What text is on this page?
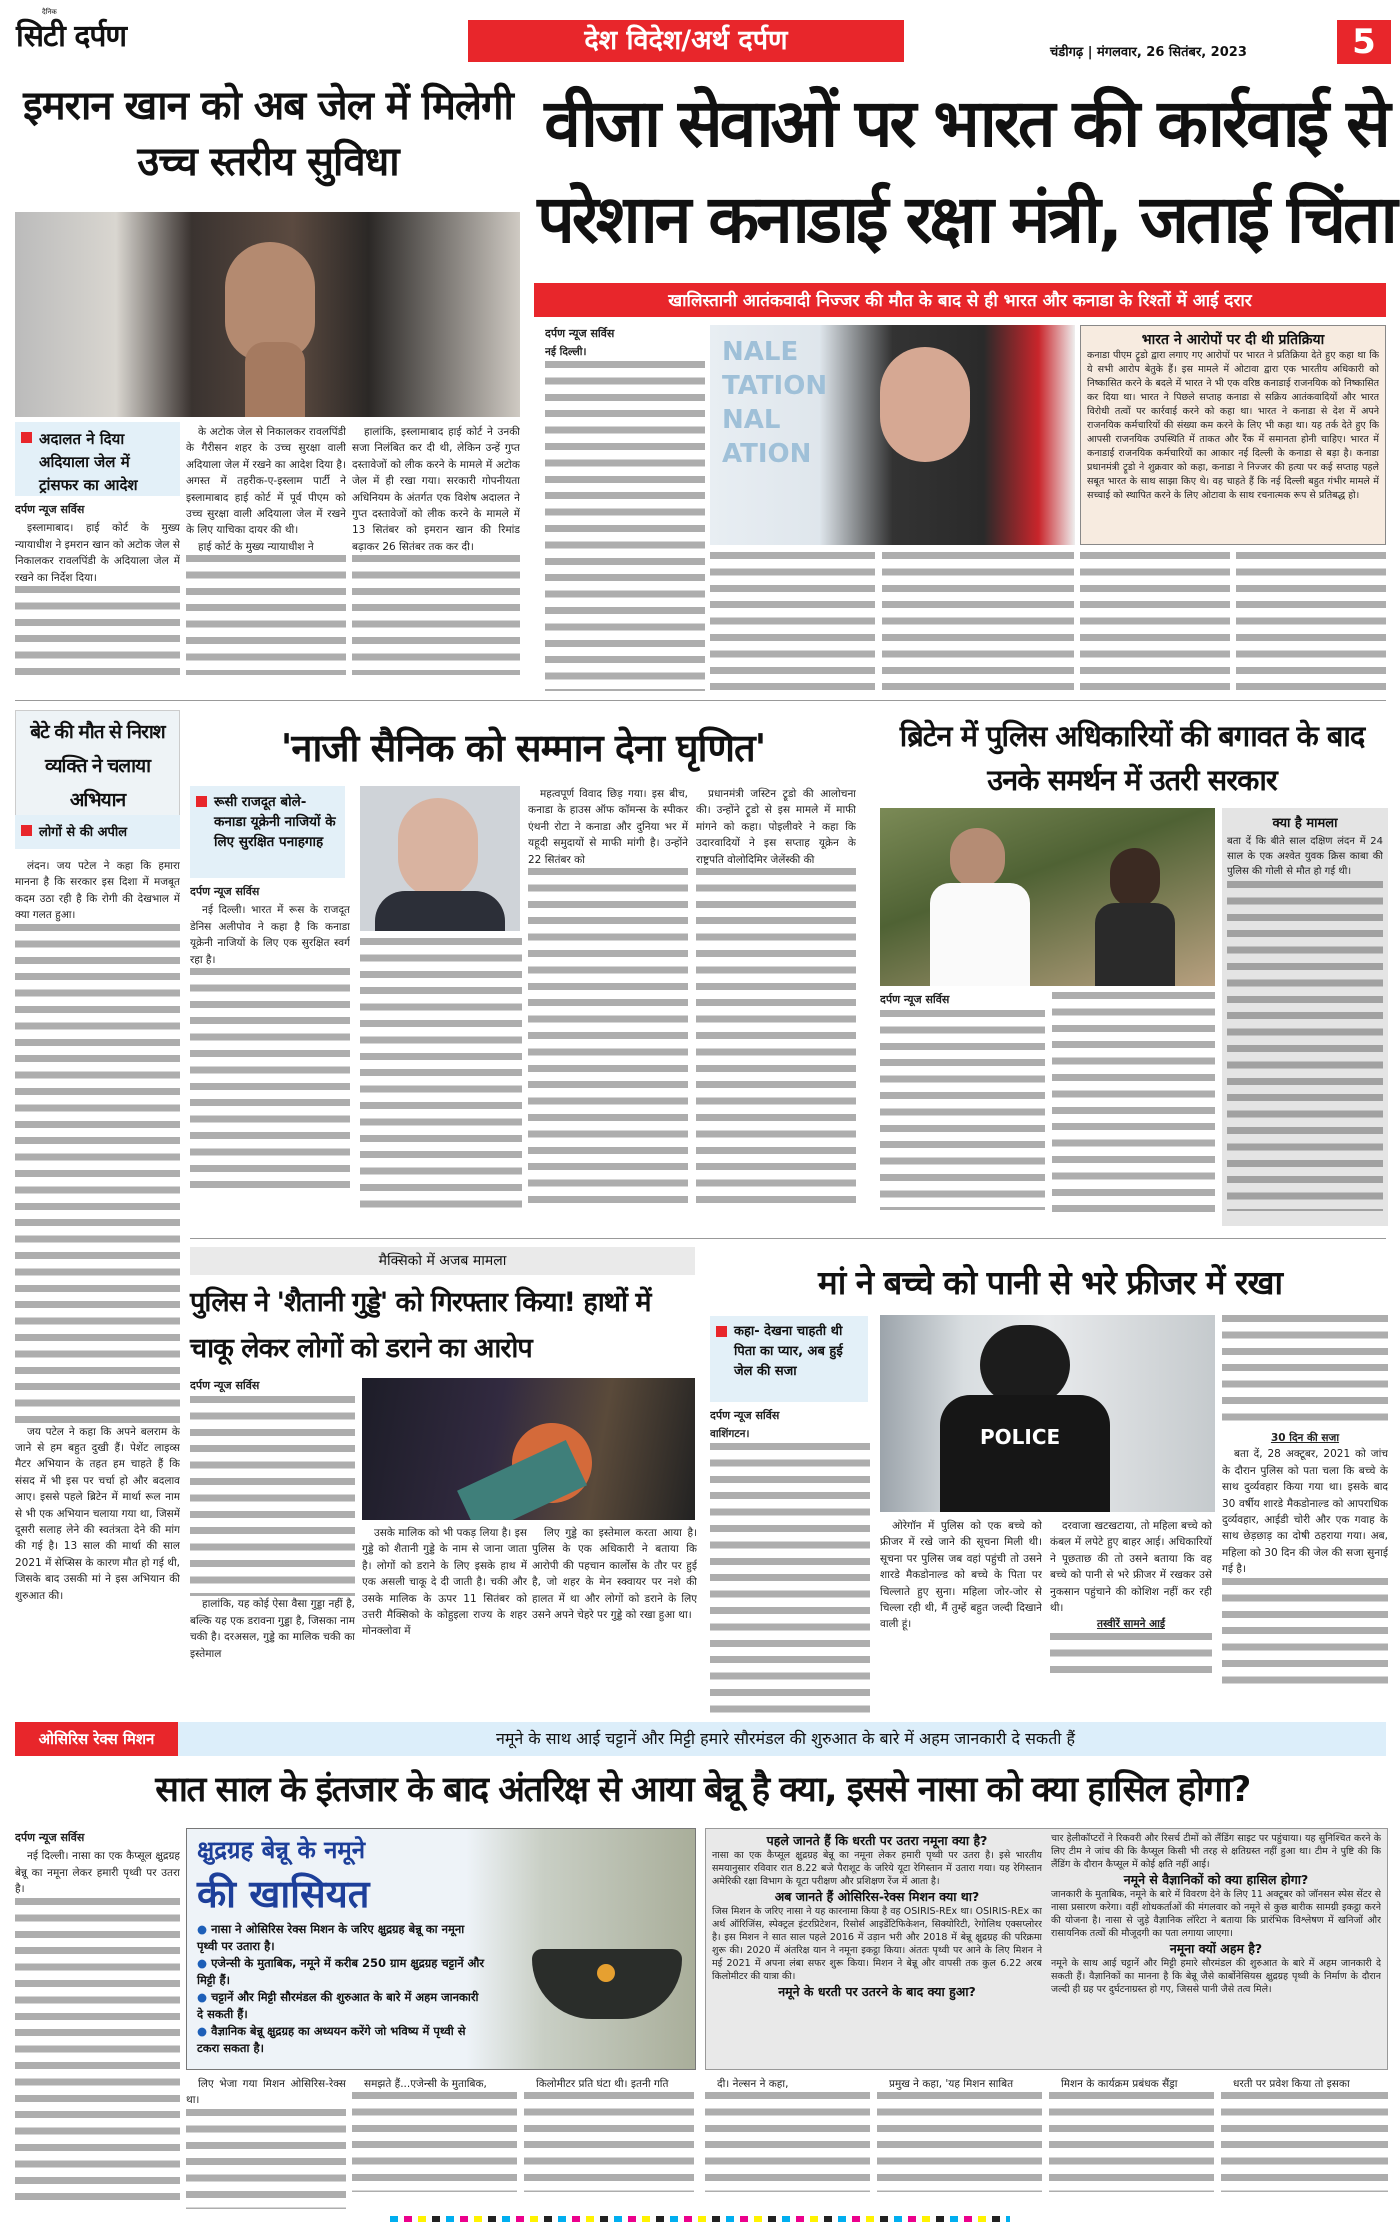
दैनिक
सिटी दर्पण	देश विदेश/अर्थ दर्पण	चंडीगढ़ | मंगलवार, 26 सितंबर, 2023	5
इमरान खान को अब जेल में मिलेगी उच्च स्तरीय सुविधा
अदालत ने दिया अदियाला जेल में ट्रांसफर का आदेश
दर्पण न्यूज सर्विस

इस्लामाबाद। हाई कोर्ट के मुख्य न्यायाधीश ने इमरान खान को अटोक जेल से निकालकर रावलपिंडी के अदियाला जेल में रखने का निर्देश दिया।

के अटोक जेल से निकालकर रावलपिंडी के गैरीसन शहर के उच्च सुरक्षा वाली अदियाला जेल में रखने का आदेश दिया है। अगस्त में तहरीक-ए-इस्लाम पार्टी ने इस्लामाबाद हाई कोर्ट में पूर्व पीएम को उच्च सुरक्षा वाली अदियाला जेल में रखने के लिए याचिका दायर की थी।

हाई कोर्ट के मुख्य न्यायाधीश ने

हालांकि, इस्लामाबाद हाई कोर्ट ने उनकी सजा निलंबित कर दी थी, लेकिन उन्हें गुप्त दस्तावेजों को लीक करने के मामले में अटोक जेल में ही रखा गया। सरकारी गोपनीयता अधिनियम के अंतर्गत एक विशेष अदालत ने गुप्त दस्तावेजों को लीक करने के मामले में 13 सितंबर को इमरान खान की रिमांड बढ़ाकर 26 सितंबर तक कर दी।

वीजा सेवाओं पर भारत की कार्रवाई से परेशान कनाडाई रक्षा मंत्री, जताई चिंता
खालिस्तानी आतंकवादी निज्जर की मौत के बाद से ही भारत और कनाडा के रिश्तों में आई दरार
दर्पण न्यूज सर्विस
नई दिल्ली।	NALE
TATION
NAL
ATION
भारत ने आरोपों पर दी थी प्रतिक्रिया
कनाडा पीएम ट्रूडो द्वारा लगाए गए आरोपों पर भारत ने प्रतिक्रिया देते हुए कहा था कि ये सभी आरोप बेतुके हैं। इस मामले में ओटावा द्वारा एक भारतीय अधिकारी को निष्कासित करने के बदले में भारत ने भी एक वरिष्ठ कनाडाई राजनयिक को निष्कासित कर दिया था। भारत ने पिछले सप्ताह कनाडा से सक्रिय आतंकवादियों और भारत विरोधी तत्वों पर कार्रवाई करने को कहा था। भारत ने कनाडा से देश में अपने राजनयिक कर्मचारियों की संख्या कम करने के लिए भी कहा था। यह तर्क देते हुए कि आपसी राजनयिक उपस्थिति में ताकत और रैंक में समानता होनी चाहिए। भारत में कनाडाई राजनयिक कर्मचारियों का आकार नई दिल्ली के कनाडा से बड़ा है। कनाडा प्रधानमंत्री ट्रूडो ने शुक्रवार को कहा, कनाडा ने निज्जर की हत्या पर कई सप्ताह पहले सबूत भारत के साथ साझा किए थे। वह चाहते हैं कि नई दिल्ली बहुत गंभीर मामले में सच्चाई को स्थापित करने के लिए ओटावा के साथ रचनात्मक रूप से प्रतिबद्ध हो।
बेटे की मौत से निराश व्यक्ति ने चलाया अभियान
लोगों से की अपील

लंदन। जय पटेल ने कहा कि हमारा मानना है कि सरकार इस दिशा में मजबूत कदम उठा रही है कि रोगी की देखभाल में क्या गलत हुआ।

जय पटेल ने कहा कि अपने बलराम के जाने से हम बहुत दुखी हैं। पेशेंट लाइव्स मैटर अभियान के तहत हम चाहते हैं कि संसद में भी इस पर चर्चा हो और बदलाव आए। इससे पहले ब्रिटेन में मार्था रूल नाम से भी एक अभियान चलाया गया था, जिसमें दूसरी सलाह लेने की स्वतंत्रता देने की मांग की गई है। 13 साल की मार्था की साल 2021 में सेप्सिस के कारण मौत हो गई थी, जिसके बाद उसकी मां ने इस अभियान की शुरुआत की।

'नाजी सैनिक को सम्मान देना घृणित'
रूसी राजदूत बोले- कनाडा यूक्रेनी नाजियों के लिए सुरक्षित पनाहगाह
दर्पण न्यूज सर्विस

नई दिल्ली। भारत में रूस के राजदूत डेनिस अलीपोव ने कहा है कि कनाडा यूक्रेनी नाजियों के लिए एक सुरक्षित स्वर्ग रहा है।

महत्वपूर्ण विवाद छिड़ गया। इस बीच, कनाडा के हाउस ऑफ कॉमन्स के स्पीकर एंथनी रोटा ने कनाडा और दुनिया भर में यहूदी समुदायों से माफी मांगी है। उन्होंने 22 सितंबर को

प्रधानमंत्री जस्टिन ट्रूडो की आलोचना की। उन्होंने ट्रूडो से इस मामले में माफी मांगने को कहा। पोइलीवरे ने कहा कि उदारवादियों ने इस सप्ताह यूक्रेन के राष्ट्रपति वोलोदिमिर जेलेंस्की की

ब्रिटेन में पुलिस अधिकारियों की बगावत के बाद उनके समर्थन में उतरी सरकार
दर्पण न्यूज सर्विस
क्या है मामला
बता दें कि बीते साल दक्षिण लंदन में 24 साल के एक अश्वेत युवक क्रिस काबा की पुलिस की गोली से मौत हो गई थी।
मैक्सिको में अजब मामला
पुलिस ने 'शैतानी गुड्डे' को गिरफ्तार किया! हाथों में चाकू लेकर लोगों को डराने का आरोप
दर्पण न्यूज सर्विस

हालांकि, यह कोई ऐसा वैसा गुड्डा नहीं है, बल्कि यह एक डरावना गुड्डा है, जिसका नाम चकी है। दरअसल, गुड्डे का मालिक चकी का इस्तेमाल

उसके मालिक को भी पकड़ लिया है। इस गुड्डे को शैतानी गुड्डे के नाम से जाना जाता है। लोगों को डराने के लिए इसके हाथ में एक असली चाकू दे दी जाती है। चकी और उसके मालिक के ऊपर 11 सितंबर को उत्तरी मैक्सिको के कोहुइला राज्य के शहर मोनक्लोवा में

लिए गुड्डे का इस्तेमाल करता आया है। पुलिस के एक अधिकारी ने बताया कि आरोपी की पहचान कार्लोस के तौर पर हुई है, जो शहर के मेन स्क्वायर पर नशे की हालत में था और लोगों को डराने के लिए उसने अपने चेहरे पर गुड्डे को रखा हुआ था।

मां ने बच्चे को पानी से भरे फ्रीजर में रखा
कहा- देखना चाहती थी पिता का प्यार, अब हुई जेल की सजा
POLICE
दर्पण न्यूज सर्विस
वाशिंगटन।

ओरेगॉन में पुलिस को एक बच्चे को फ्रीजर में रखे जाने की सूचना मिली थी। सूचना पर पुलिस जब वहां पहुंची तो उसने शारडे मैकडोनाल्ड को बच्चे के पिता पर चिल्लाते हुए सुना। महिला जोर-जोर से चिल्ला रही थी, मैं तुम्हें बहुत जल्दी दिखाने वाली हूं।

दरवाजा खटखटाया, तो महिला बच्चे को कंबल में लपेटे हुए बाहर आई। अधिकारियों ने पूछताछ की तो उसने बताया कि वह बच्चे को पानी से भरे फ्रीजर में रखकर उसे नुकसान पहुंचाने की कोशिश नहीं कर रही थी।

तस्वीरें सामने आईं
30 दिन की सजा

बता दें, 28 अक्टूबर, 2021 को जांच के दौरान पुलिस को पता चला कि बच्चे के साथ दुर्व्यवहार किया गया था। इसके बाद 30 वर्षीय शारडे मैकडोनाल्ड को आपराधिक दुर्व्यवहार, आईडी चोरी और एक गवाह के साथ छेड़छाड़ का दोषी ठहराया गया। अब, महिला को 30 दिन की जेल की सजा सुनाई गई है।

ओसिरिस रेक्स मिशन	नमूने के साथ आई चट्टानें और मिट्टी हमारे सौरमंडल की शुरुआत के बारे में अहम जानकारी दे सकती हैं
सात साल के इंतजार के बाद अंतरिक्ष से आया बेन्नू है क्या, इससे नासा को क्या हासिल होगा?
दर्पण न्यूज सर्विस

नई दिल्ली। नासा का एक कैप्सूल क्षुद्रग्रह बेन्नू का नमूना लेकर हमारी पृथ्वी पर उतरा है।

क्षुद्रग्रह बेन्नू के नमूने
की खासियत
● नासा ने ओसिरिस रेक्स मिशन के जरिए क्षुद्रग्रह बेन्नू का नमूना पृथ्वी पर उतारा है।
● एजेन्सी के मुताबिक, नमूने में करीब 250 ग्राम क्षुद्रग्रह चट्टानें और मिट्टी हैं।
● चट्टानें और मिट्टी सौरमंडल की शुरुआत के बारे में अहम जानकारी दे सकती हैं।
● वैज्ञानिक बेन्नू क्षुद्रग्रह का अध्ययन करेंगे जो भविष्य में पृथ्वी से टकरा सकता है।
पहले जानते हैं कि धरती पर उतरा नमूना क्या है?
नासा का एक कैप्सूल क्षुद्रग्रह बेन्नू का नमूना लेकर हमारी पृथ्वी पर उतरा है। इसे भारतीय समयानुसार रविवार रात 8.22 बजे पैराशूट के जरिये यूटा रेगिस्तान में उतारा गया। यह रेगिस्तान अमेरिकी रक्षा विभाग के यूटा परीक्षण और प्रशिक्षण रेंज में आता है।
अब जानते हैं ओसिरिस-रेक्स मिशन क्या था?
जिस मिशन के जरिए नासा ने यह कारनामा किया है वह OSIRIS-REx था। OSIRIS-REx का अर्थ ऑरिजिंस, स्पेक्ट्रल इंटरप्रिटेशन, रिसोर्स आइडेंटिफिकेशन, सिक्योरिटी, रेगोलिथ एक्सप्लोरर है। इस मिशन ने सात साल पहले 2016 में उड़ान भरी और 2018 में बेन्नू क्षुद्रग्रह की परिक्रमा शुरू की। 2020 में अंतरिक्ष यान ने नमूना इकट्ठा किया। अंततः पृथ्वी पर आने के लिए मिशन ने मई 2021 में अपना लंबा सफर शुरू किया। मिशन ने बेन्नू और वापसी तक कुल 6.22 अरब किलोमीटर की यात्रा की।
नमूने के धरती पर उतरने के बाद क्या हुआ?
चार हेलीकॉप्टरों ने रिकवरी और रिसर्च टीमों को लैंडिंग साइट पर पहुंचाया। यह सुनिश्चित करने के लिए टीम ने जांच की कि कैप्सूल किसी भी तरह से क्षतिग्रस्त नहीं हुआ था। टीम ने पुष्टि की कि लैंडिंग के दौरान कैप्सूल में कोई क्षति नहीं आई।
नमूने से वैज्ञानिकों को क्या हासिल होगा?
जानकारी के मुताबिक, नमूने के बारे में विवरण देने के लिए 11 अक्टूबर को जॉनसन स्पेस सेंटर से नासा प्रसारण करेगा। वहीं शोधकर्ताओं की मंगलवार को नमूने से कुछ बारीक सामग्री इकट्ठा करने की योजना है। नासा से जुड़े वैज्ञानिक लॉरेटा ने बताया कि प्रारंभिक विश्लेषण में खनिजों और रासायनिक तत्वों की मौजूदगी का पता लगाया जाएगा।
नमूना क्यों अहम है?
नमूने के साथ आई चट्टानें और मिट्टी हमारे सौरमंडल की शुरुआत के बारे में अहम जानकारी दे सकती हैं। वैज्ञानिकों का मानना है कि बेन्नू जैसे कार्बोनेसियस क्षुद्रग्रह पृथ्वी के निर्माण के दौरान जल्दी ही ग्रह पर दुर्घटनाग्रस्त हो गए, जिससे पानी जैसे तत्व मिले।

लिए भेजा गया मिशन ओसिरिस-रेक्स था।

समझते हैं...एजेन्सी के मुताबिक,	किलोमीटर प्रति घंटा थी। इतनी गति	दी। नेल्सन ने कहा,	प्रमुख ने कहा, 'यह मिशन साबित	मिशन के कार्यक्रम प्रबंधक सैंड्रा	धरती पर प्रवेश किया तो इसका
